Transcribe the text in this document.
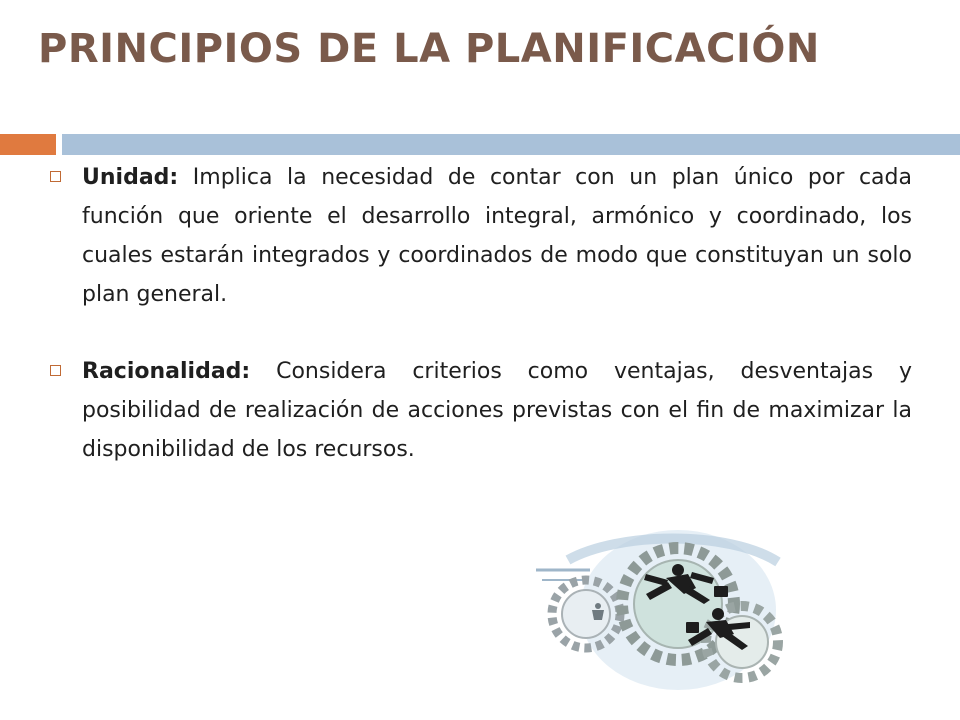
PRINCIPIOS DE LA PLANIFICACIÓN
Unidad: Implica la necesidad de contar con un plan único por cada función que oriente el desarrollo integral, armónico y coordinado, los cuales estarán integrados y coordinados de modo que constituyan un solo plan general.
Racionalidad: Considera criterios como ventajas, desventajas y posibilidad de realización de acciones previstas con el fin de maximizar la disponibilidad de los recursos.
